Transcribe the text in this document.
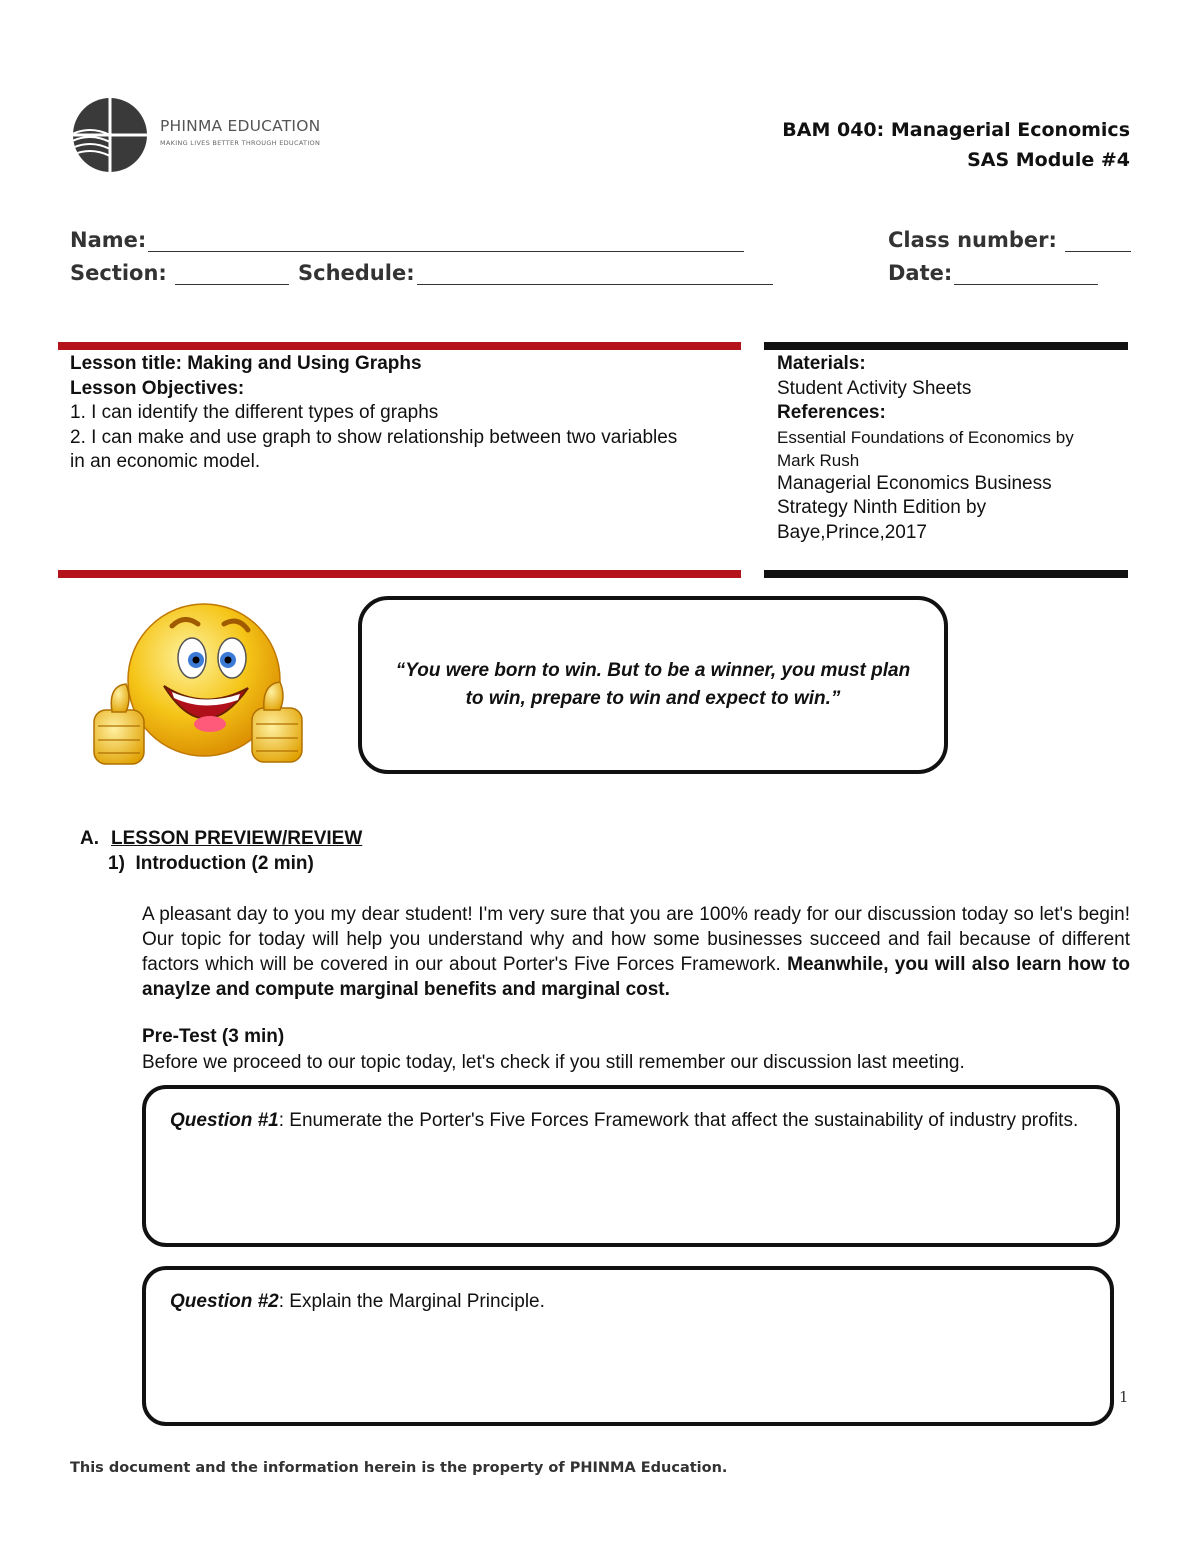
PHINMA EDUCATION
MAKING LIVES BETTER THROUGH EDUCATION
BAM 040: Managerial Economics
SAS Module #4
Name:	Class number:
Section:	Schedule:	Date:
Lesson title: Making and Using Graphs
Lesson Objectives:
1. I can identify the different types of graphs
2. I can make and use graph to show relationship between two variables in an economic model.
Materials:
Student Activity Sheets
References:
Essential Foundations of Economics by Mark Rush
Managerial Economics Business Strategy Ninth Edition by Baye,Prince,2017
“You were born to win. But to be a winner, you must plan to win, prepare to win and expect to win.”
A. LESSON PREVIEW/REVIEW
1)  Introduction (2 min)
A pleasant day to you my dear student! I'm very sure that you are 100% ready for our discussion today so let's begin! Our topic for today will help you understand why and how some businesses succeed and fail because of different factors which will be covered in our about Porter's Five Forces Framework. Meanwhile, you will also learn how to anaylze and compute marginal benefits and marginal cost.
Pre-Test (3 min)
Before we proceed to our topic today, let's check if you still remember our discussion last meeting.
Question #1: Enumerate the Porter's Five Forces Framework that affect the sustainability of industry profits.
Question #2: Explain the Marginal Principle.
1
This document and the information herein is the property of PHINMA Education.
